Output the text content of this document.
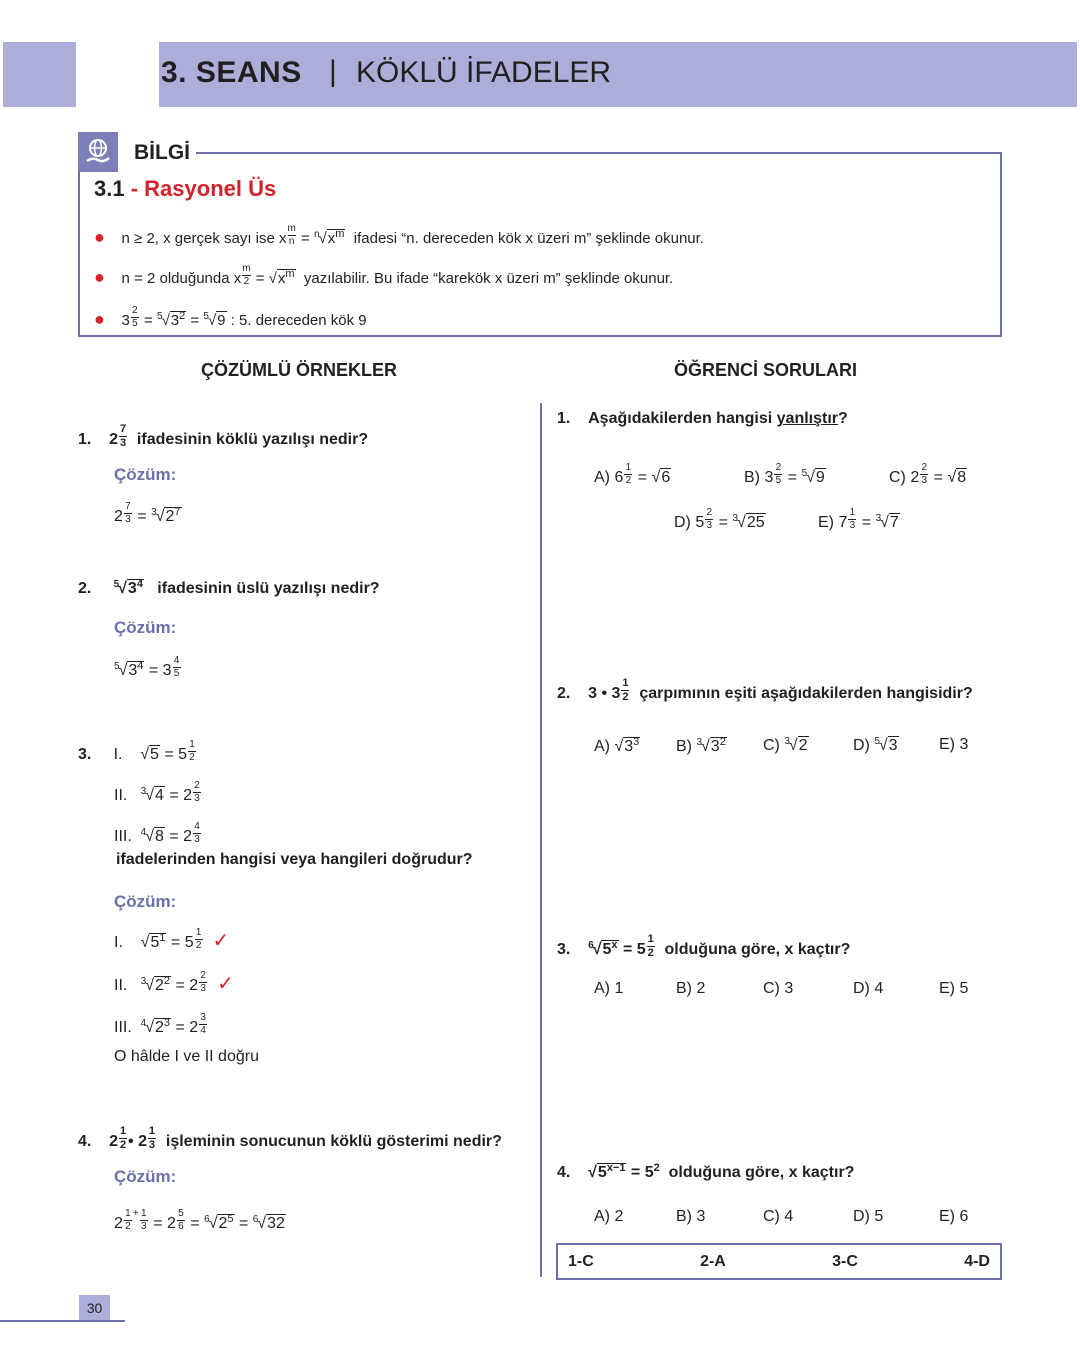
3. SEANS | KÖKLÜ İFADELER
BİLGİ
3.1 - Rasyonel Üs
● n ≥ 2, x gerçek sayı ise x $\frac{m}{n} = ^n√x^m$ ifadesi “n. dereceden kök x üzeri m” şeklinde okunur.
● n = 2 olduğunda x $\frac{m}{2} = √x^m$ yazılabilir. Bu ifade “karekök x üzeri m” şeklinde okunur.
●    $3 \frac{2}{5} = ^5√3^2 = ^5√9$ : 5. dereceden kök 9
ÇÖZÜMLÜ ÖRNEKLER	ÖĞRENCİ SORULARI
1.    $2 \frac{7}{3}$ ifadesinin köklü yazılışı nedir?
Çözüm:
$2 \frac{7}{3} = ^3√2^7$
2. $^5√3^4$ ifadesinin üslü yazılışı nedir?
Çözüm:
$^5√3^4 = 3 \frac{4}{5}$
3.     I.    $√5 = 5 \frac{1}{2}$
II.   $^3√4 = 2 \frac{2}{3}$
III.  $^4√8 = 2 \frac{4}{3}$
ifadelerinden hangisi veya hangileri doğrudur?
Çözüm:
I.    $√5^1 = 5 \frac{1}{2}$ ✓
II.   $^3√2^2 = 2 \frac{2}{3}$ ✓
III.  $^4√2^3 = 2 \frac{3}{4}$
O hâlde I ve II doğru
4.    $2 \frac{1}{2}$ • $2 \frac{1}{3}$ işleminin sonucunun köklü gösterimi nedir?
Çözüm:
$2 \frac{1}{2} ^+ \frac{1}{3} = 2 \frac{5}{6} = ^6√2^5 = ^6√32$
1. Aşağıdakilerden hangisi yanlıştır?
A) $6 \frac{1}{2} = √6$	B) $3 \frac{2}{5} = ^5√9$	C) $2 \frac{2}{3} = √8$
D) $5 \frac{2}{3} = ^3√25$	E) $7 \frac{1}{3} = ^3√7$
2.    3 • $3 \frac{1}{2}$ çarpımının eşiti aşağıdakilerden hangisidir?
A) $√3^3$ B) $^3√3^2$ C) $^3$√2	D) $^5$√3	E) 3
3. $^6√5^x = 5 \frac{1}{2}$ olduğuna göre, x kaçtır?
A) 1	B) 2	C) 3	D) 4	E) 5
4.    $√5^{x-1} = 5^2$ olduğuna göre, x kaçtır?
A) 2	B) 3	C) 4	D) 5	E) 6
1-C	2-A	3-C	4-D
30
